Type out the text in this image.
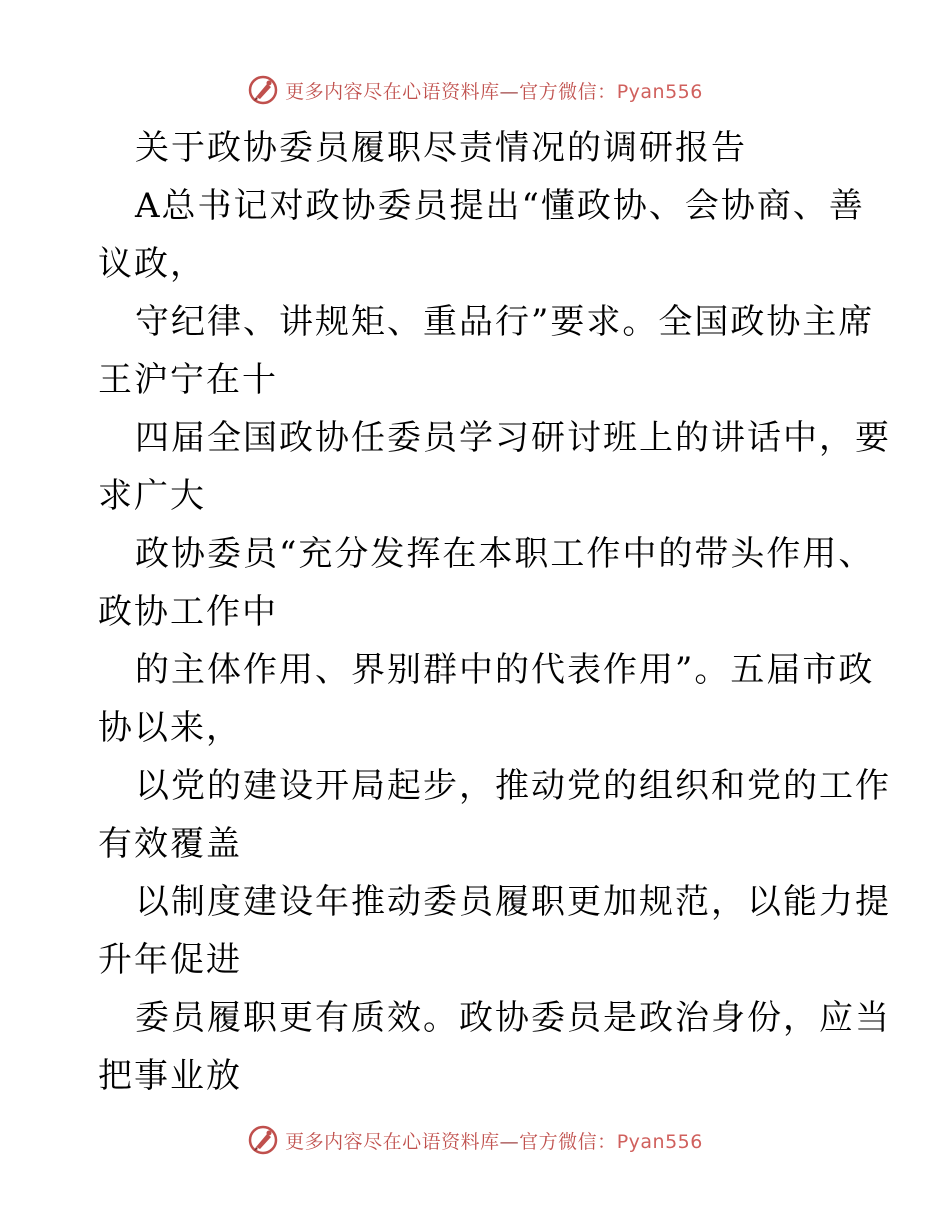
更多内容尽在心语资料库—官方微信：Pyan556
关于政协委员履职尽责情况的调研报告
A总书记对政协委员提出“懂政协、会协商、善
议政，
守纪律、讲规矩、重品行”要求。全国政协主席
王沪宁在十
四届全国政协任委员学习研讨班上的讲话中，要
求广大
政协委员“充分发挥在本职工作中的带头作用、
政协工作中
的主体作用、界别群中的代表作用”。五届市政
协以来，
以党的建设开局起步，推动党的组织和党的工作
有效覆盖
以制度建设年推动委员履职更加规范，以能力提
升年促进
委员履职更有质效。政协委员是政治身份，应当
把事业放
更多内容尽在心语资料库—官方微信：Pyan556
